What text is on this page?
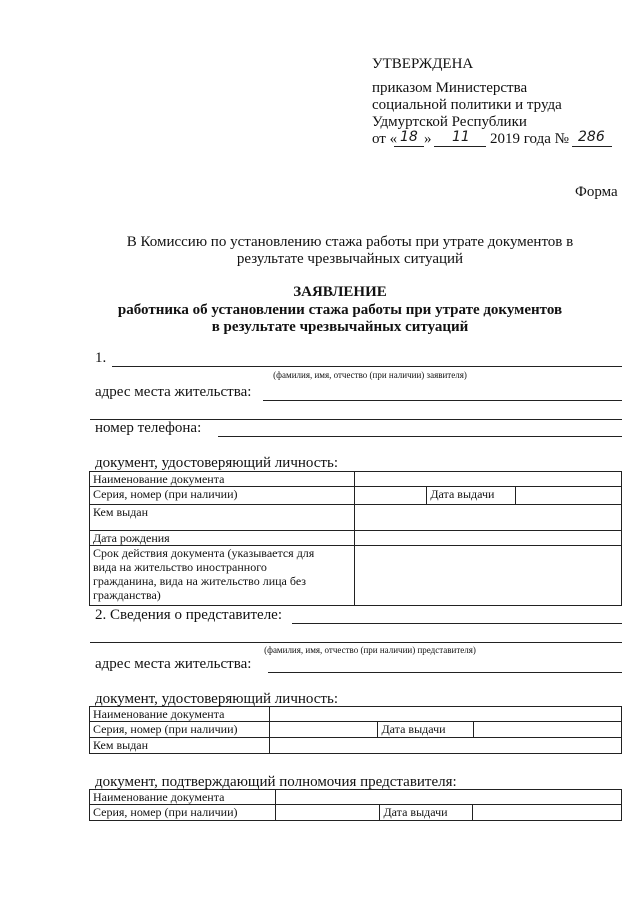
УТВЕРЖДЕНА
приказом Министерства
социальной политики и труда
Удмуртской Республики
от « 18 » 11 2019 года № 286
Форма
В Комиссию по установлению стажа работы при утрате документов в
результате чрезвычайных ситуаций
ЗАЯВЛЕНИЕ
работника об установлении стажа работы при утрате документов
в результате чрезвычайных ситуаций
1.
(фамилия, имя, отчество (при наличии) заявителя)
адрес места жительства:
номер телефона:
документ, удостоверяющий личность:
Наименование документа			
Серия, номер (при наличии)		Дата выдачи	
Кем выдан			
Дата рождения			

Срок действия документа (указывается для
вида на жительство иностранного
гражданина, вида на жительство лица без
гражданства)			

2. Сведения о представителе:
(фамилия, имя, отчество (при наличии) представителя)
адрес места жительства:
документ, удостоверяющий личность:
Наименование документа			
Серия, номер (при наличии)		Дата выдачи	
Кем выдан			
документ, подтверждающий полномочия представителя:
Наименование документа			
Серия, номер (при наличии)		Дата выдачи	
